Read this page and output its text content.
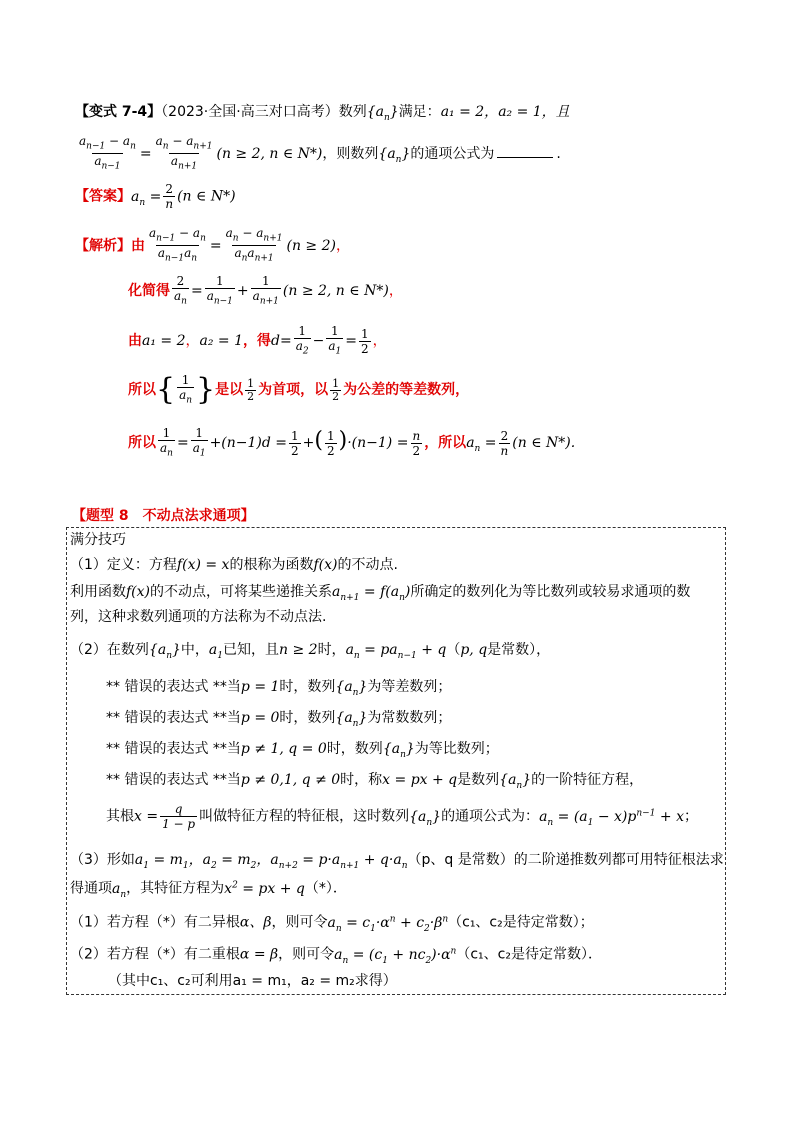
【变式 7-4】（2023·全国·高三对口高考）数列$\{a_n\}$满足：a₁ = 2，a₂ = 1，且
$\frac{a_{n-1} - a_n}{a_{n-1}} = \frac{a_n - a_{n+1}}{a_{n+1}} (n \ge 2$, n ∈ N*)，则数列$\{a_n\}$的通项公式为	.
【答案】$a_n = \frac{2}{n} (n$ ∈ N*)
【解析】由 $\frac{a_{n-1} - a_n}{a_{n-1}a_n} = \frac{a_n - a_{n+1}}{a_na_{n+1}} (n \ge 2)$，
化简得 $\frac{2}{a_n} = \frac{1}{a_{n-1}} + \frac{1}{a_{n+1}} (n \ge 2$, n ∈ N*)，
由a₁ = 2，a₂ = 1，得$d= \frac{1}{a_2} - \frac{1}{a_1} = \frac{1}{2}$ ，
所以{ $\frac{1}{a_n}$ }是以 $\frac{1}{2}$ 为首项，以 $\frac{1}{2}$ 为公差的等差数列，
所以 $\frac{1}{a_n} = \frac{1}{a_1} +(n-1)d = \frac{1}{2}$ +( $\frac{1}{2} )\cdot(n-1) = \frac{n}{2}$ ，所以$a_n = \frac{2}{n} (n$ ∈ N*).
【题型 8　不动点法求通项】
满分技巧
（1）定义：方程f(x) = x的根称为函数f(x)的不动点.
利用函数f(x)的不动点，可将某些递推关系$a_{n+1} = f(a_n)$所确定的数列化为等比数列或较易求通项的数
列，这种求数列通项的方法称为不动点法.
（2）在数列$\{a_n\}$中，$a_1$已知，且n ≥ 2时，$a_n = pa_{n-1} + q(p$, q是常数），
** 错误的表达式 **当p = 1时，数列$\{a_n\}$为等差数列；
** 错误的表达式 **当p = 0时，数列$\{a_n\}$为常数数列；
** 错误的表达式 **当p ≠ 1, q = 0时，数列$\{a_n\}$为等比数列；
** 错误的表达式 **当p ≠ 0,1, q ≠ 0时，称x = px + q是数列$\{a_n\}$的一阶特征方程，
其根$x = \frac{q}{1 - p}$ 叫做特征方程的特征根，这时数列$\{a_n\}$的通项公式为：$a_n = (a_1 - x)p^{n-1} + x$；
（3）形如$a_1 = m_1$，$a_2 = m_2$，$a_{n+2} = p\cdot a_{n+1} + q\cdot a_n(p$、q 是常数）的二阶递推数列都可用特征根法求
得通项$a_n$，其特征方程为$x^2$ = px + q（*）．
（1）若方程（*）有二异根α、β，则可令$a_n = c_1\cdot\alpha^n + c_2\cdot\beta^n(c_1$、c₂是待定常数）；
（2）若方程（*）有二重根α = β，则可令$a_n = (c_1 + nc_2)\cdot\alpha^n(c_1$、c₂是待定常数）．
（其中c₁、c₂可利用a₁ = m₁，a₂ = m₂求得）
